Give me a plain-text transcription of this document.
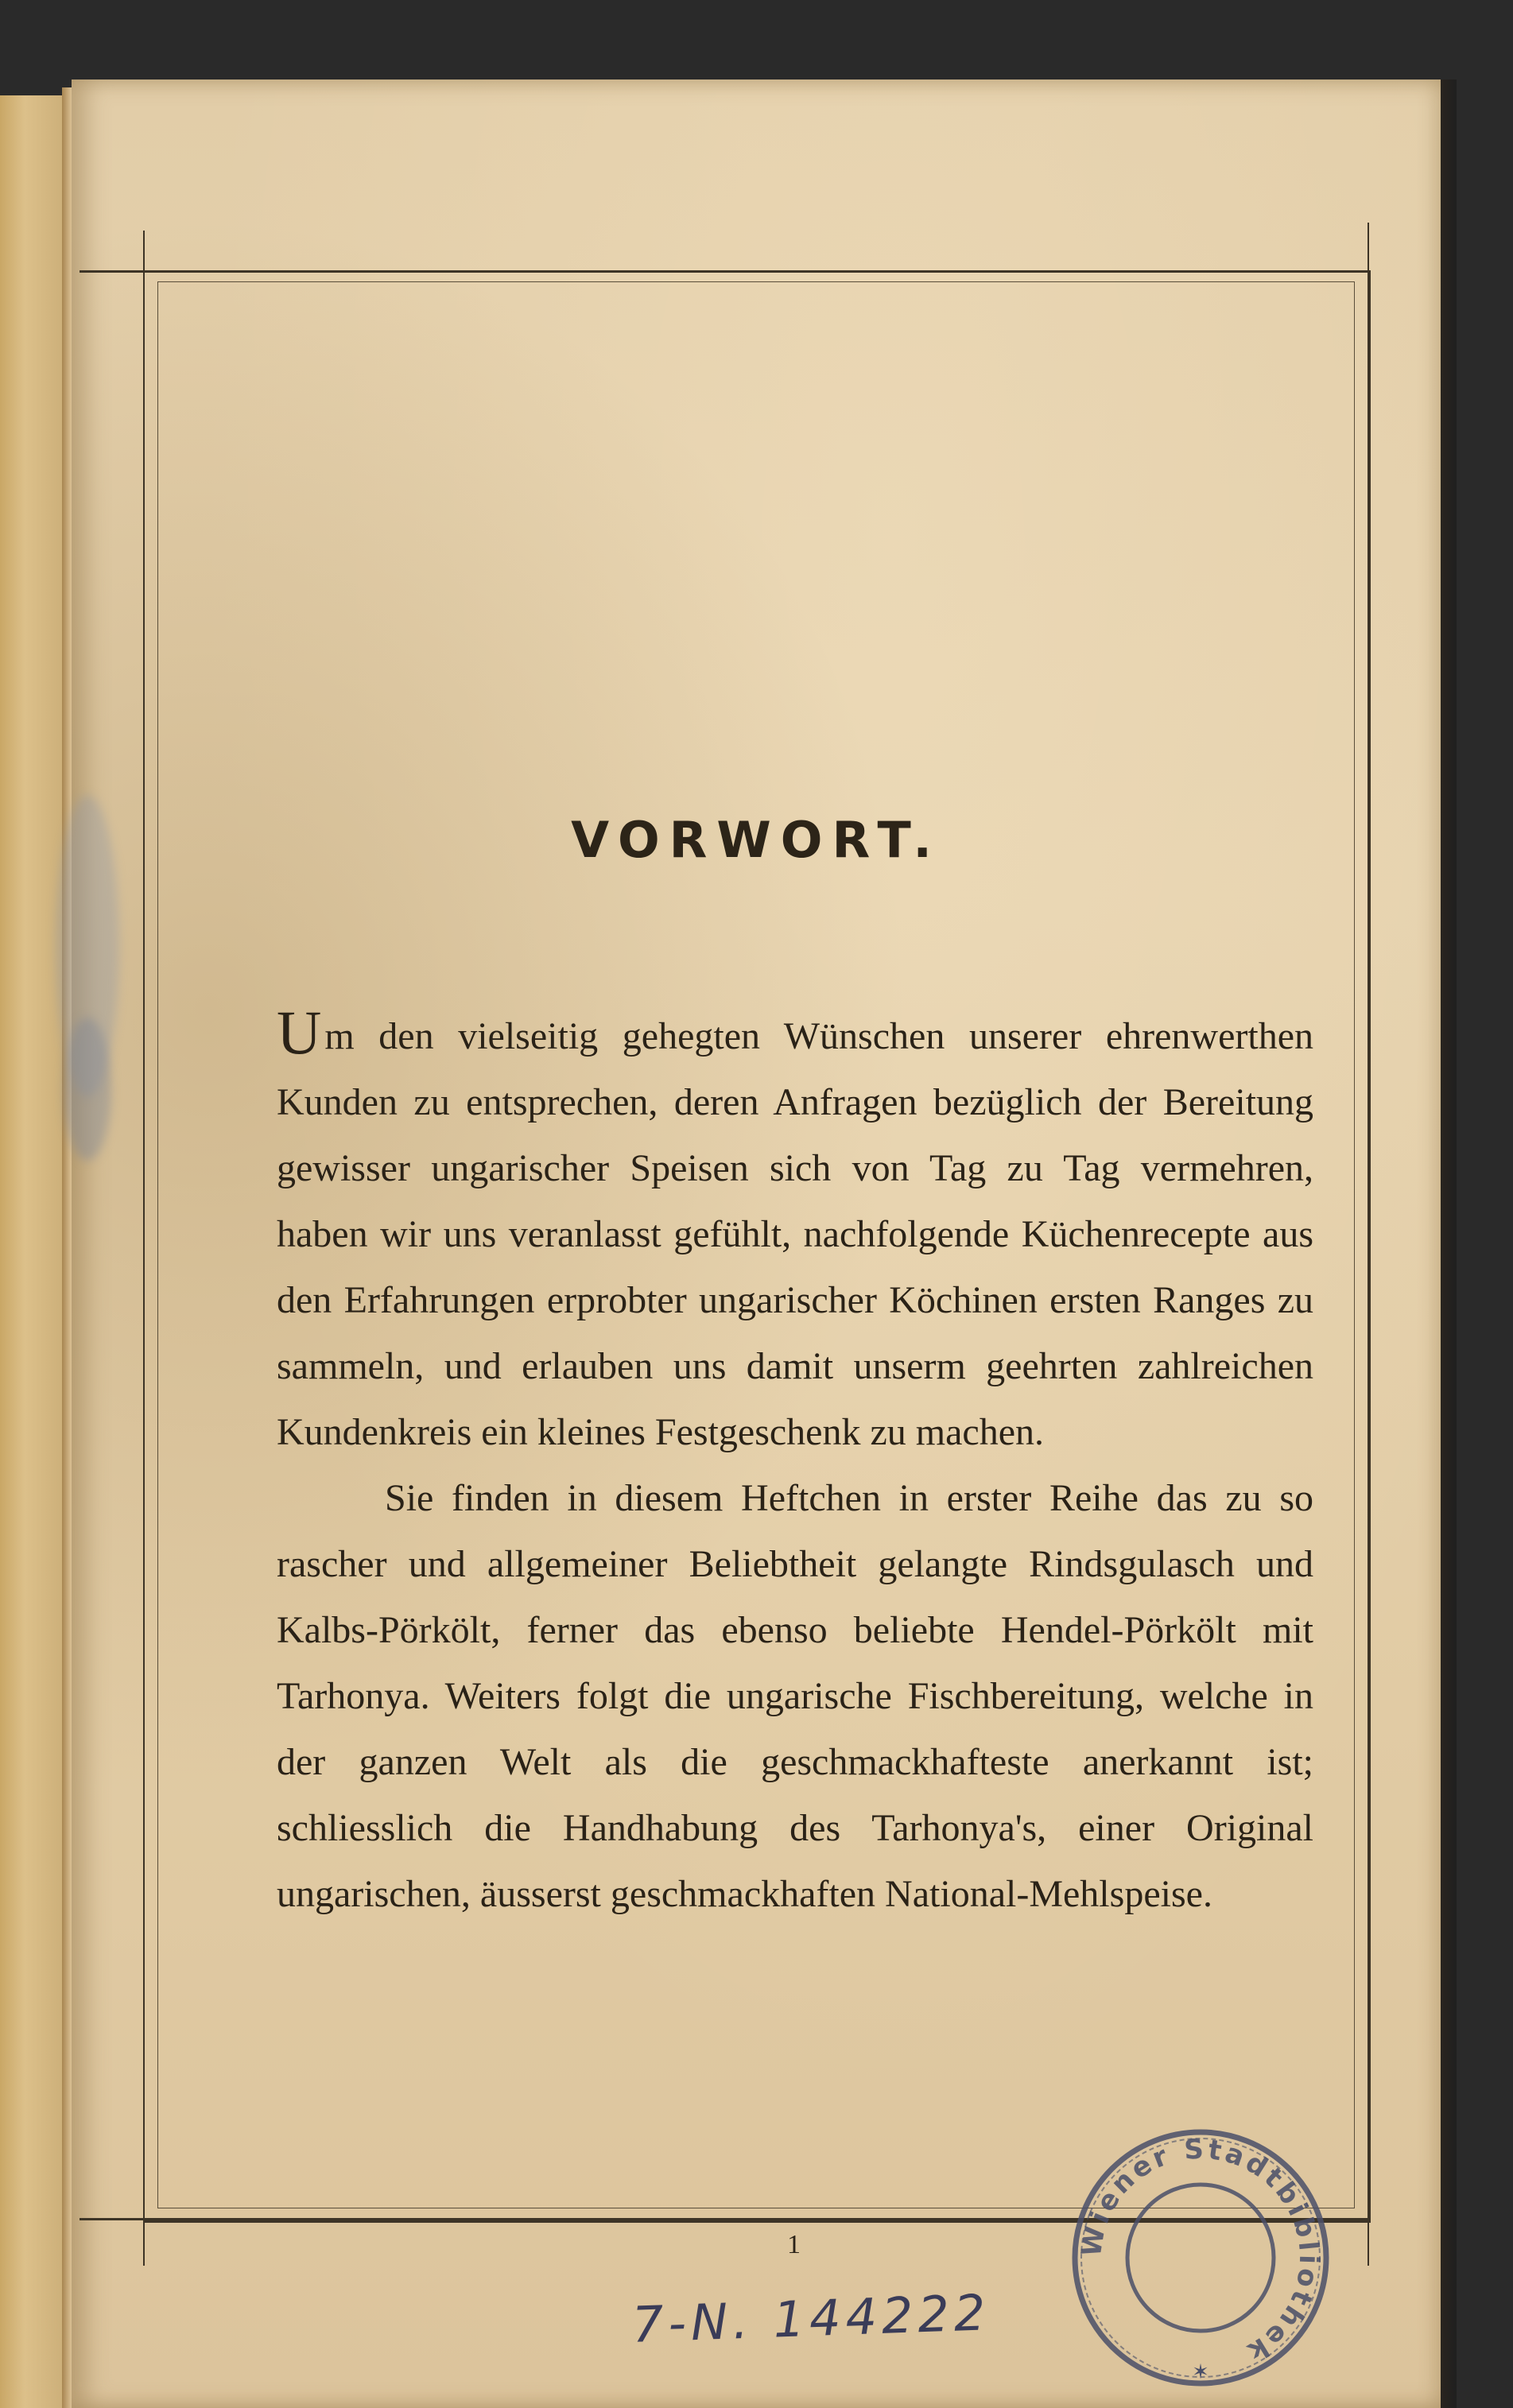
VORWORT.

Um den vielseitig gehegten Wünschen unserer ehrenwerthen Kunden zu entsprechen, deren Anfragen bezüglich der Bereitung gewisser ungarischer Speisen sich von Tag zu Tag vermehren, haben wir uns veranlasst gefühlt, nachfolgende Küchenrecepte aus den Erfahrungen erprobter ungarischer Köchinen ersten Ranges zu sammeln, und erlauben uns damit unserm geehrten zahlreichen Kundenkreis ein kleines Festgeschenk zu machen.

Sie finden in diesem Heftchen in erster Reihe das zu so rascher und allgemeiner Beliebtheit gelangte Rindsgulasch und Kalbs-Pörkölt, ferner das ebenso beliebte Hendel-Pörkölt mit Tarhonya. Weiters folgt die ungarische Fischbereitung, welche in der ganzen Welt als die geschmackhafteste anerkannt ist; schliesslich die Handhabung des Tarhonya's, einer Original ungarischen, äusserst geschmackhaften National-Mehlspeise.

1
7-N. 144222
Wiener Stadtbibliothek
✶
